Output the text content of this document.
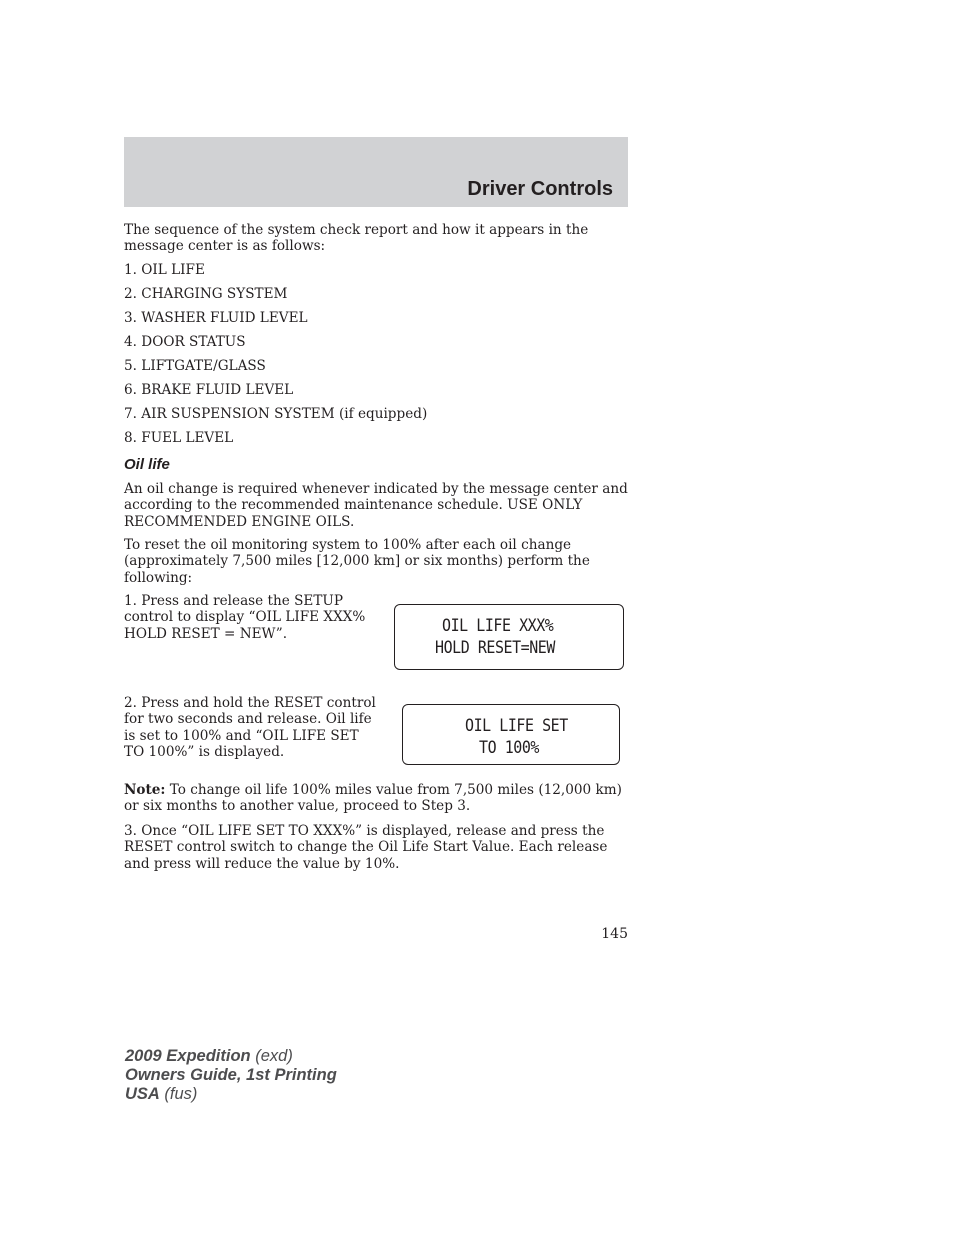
Driver Controls
The sequence of the system check report and how it appears in the message center is as follows:
1. OIL LIFE
2. CHARGING SYSTEM
3. WASHER FLUID LEVEL
4. DOOR STATUS
5. LIFTGATE/GLASS
6. BRAKE FLUID LEVEL
7. AIR SUSPENSION SYSTEM (if equipped)
8. FUEL LEVEL
Oil life
An oil change is required whenever indicated by the message center and according to the recommended maintenance schedule. USE ONLY RECOMMENDED ENGINE OILS.
To reset the oil monitoring system to 100% after each oil change (approximately 7,500 miles [12,000 km] or six months) perform the following:
1. Press and release the SETUP control to display “OIL LIFE XXX% HOLD RESET = NEW”.	OIL LIFE XXX%
HOLD RESET=NEW
2. Press and hold the RESET control for two seconds and release. Oil life is set to 100% and “OIL LIFE SET TO 100%” is displayed.
OIL LIFE SET
TO 100%
Note: To change oil life 100% miles value from 7,500 miles (12,000 km) or six months to another value, proceed to Step 3.
3. Once “OIL LIFE SET TO XXX%” is displayed, release and press the RESET control switch to change the Oil Life Start Value. Each release and press will reduce the value by 10%.
145
2009 Expedition (exd)
Owners Guide, 1st Printing
USA (fus)
